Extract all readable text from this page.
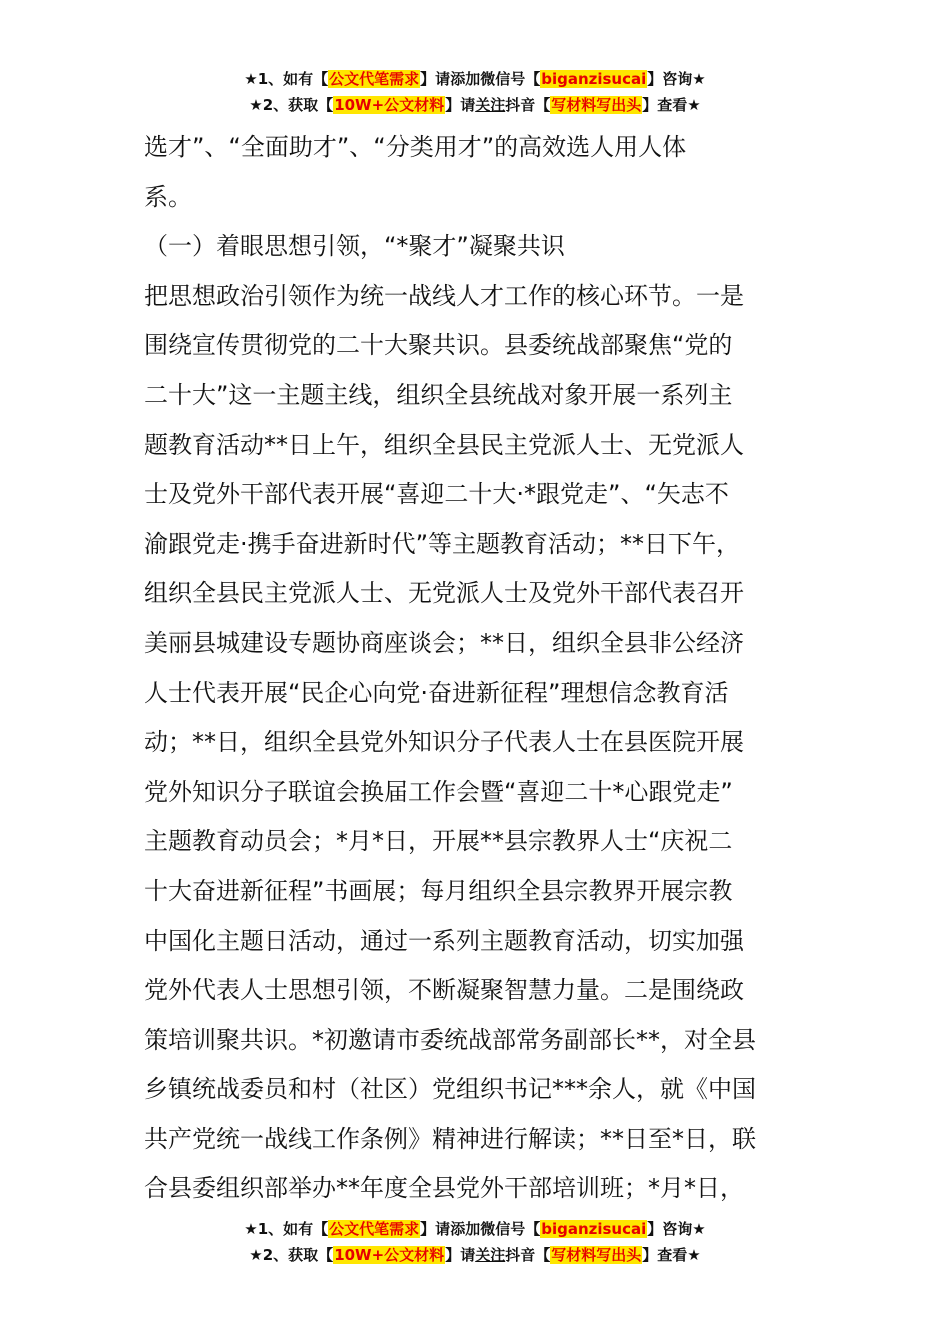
★1、如有【公文代笔需求】请添加微信号【biganzisucai】咨询★
★2、获取【10W+公文材料】请关注抖音【写材料写出头】查看★

选才”、“全面助才”、“分类用才”的高效选人用人体

系。

（一）着眼思想引领，“*聚才”凝聚共识

把思想政治引领作为统一战线人才工作的核心环节。一是

围绕宣传贯彻党的二十大聚共识。县委统战部聚焦“党的

二十大”这一主题主线，组织全县统战对象开展一系列主

题教育活动**日上午，组织全县民主党派人士、无党派人

士及党外干部代表开展“喜迎二十大·*跟党走”、“矢志不

渝跟党走·携手奋进新时代”等主题教育活动；**日下午，

组织全县民主党派人士、无党派人士及党外干部代表召开

美丽县城建设专题协商座谈会；**日，组织全县非公经济

人士代表开展“民企心向党·奋进新征程”理想信念教育活

动；**日，组织全县党外知识分子代表人士在县医院开展

党外知识分子联谊会换届工作会暨“喜迎二十*心跟党走”

主题教育动员会；*月*日，开展**县宗教界人士“庆祝二

十大奋进新征程”书画展；每月组织全县宗教界开展宗教

中国化主题日活动，通过一系列主题教育活动，切实加强

党外代表人士思想引领，不断凝聚智慧力量。二是围绕政

策培训聚共识。*初邀请市委统战部常务副部长**，对全县

乡镇统战委员和村（社区）党组织书记***余人，就《中国

共产党统一战线工作条例》精神进行解读；**日至*日，联

合县委组织部举办**年度全县党外干部培训班；*月*日，

★1、如有【公文代笔需求】请添加微信号【biganzisucai】咨询★
★2、获取【10W+公文材料】请关注抖音【写材料写出头】查看★
